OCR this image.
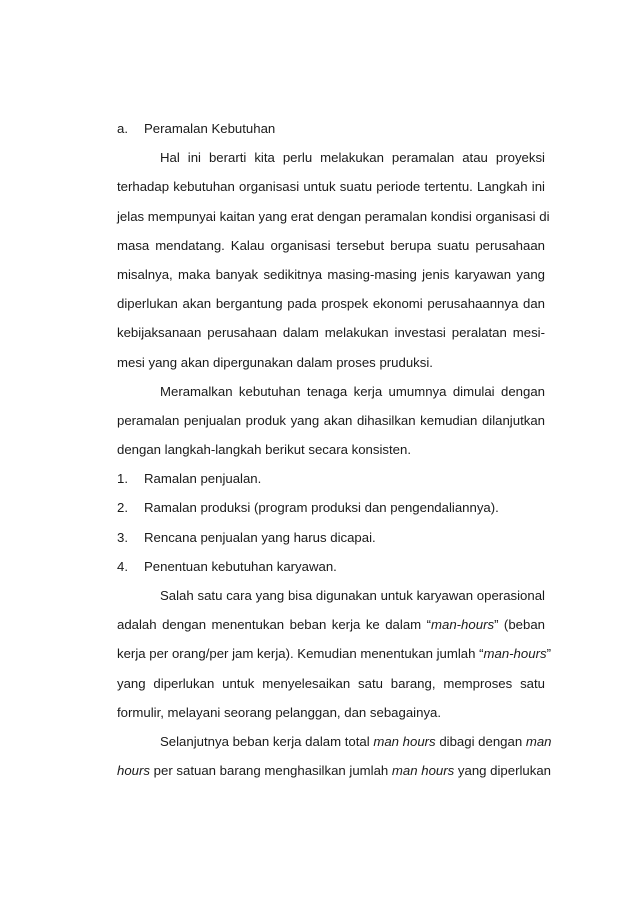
a. Peramalan Kebutuhan
Hal ini berarti kita perlu melakukan peramalan atau proyeksi
terhadap kebutuhan organisasi untuk suatu periode tertentu. Langkah ini
jelas mempunyai kaitan yang erat dengan peramalan kondisi organisasi di
masa mendatang. Kalau organisasi tersebut berupa suatu perusahaan
misalnya, maka banyak sedikitnya masing-masing jenis karyawan yang
diperlukan akan bergantung pada prospek ekonomi perusahaannya dan
kebijaksanaan perusahaan dalam melakukan investasi peralatan mesi-
mesi yang akan dipergunakan dalam proses pruduksi.
Meramalkan kebutuhan tenaga kerja umumnya dimulai dengan
peramalan penjualan produk yang akan dihasilkan kemudian dilanjutkan
dengan langkah-langkah berikut secara konsisten.
1. Ramalan penjualan.
2. Ramalan produksi (program produksi dan pengendaliannya).
3. Rencana penjualan yang harus dicapai.
4. Penentuan kebutuhan karyawan.
Salah satu cara yang bisa digunakan untuk karyawan operasional
adalah dengan menentukan beban kerja ke dalam “man-hours” (beban
kerja per orang/per jam kerja). Kemudian menentukan jumlah “man-hours”
yang diperlukan untuk menyelesaikan satu barang, memproses satu
formulir, melayani seorang pelanggan, dan sebagainya.
Selanjutnya beban kerja dalam total man hours dibagi dengan man
hours per satuan barang menghasilkan jumlah man hours yang diperlukan
